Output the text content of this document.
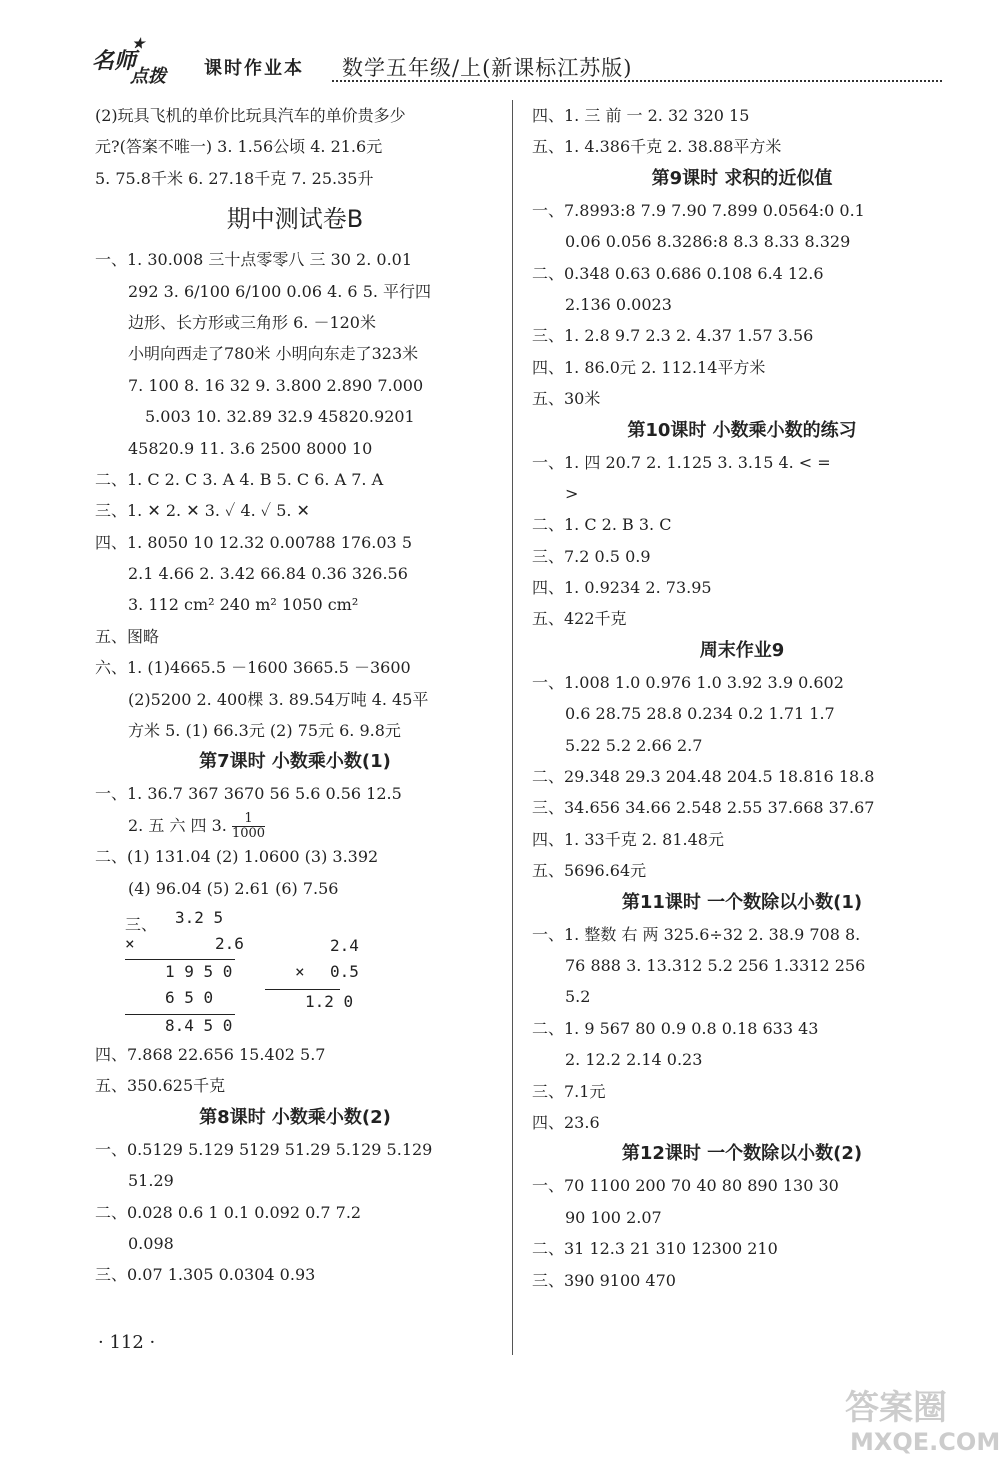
★
名师
点拨 课时作业本 数学五年级/上(新课标江苏版)
(2)玩具飞机的单价比玩具汽车的单价贵多少
元?(答案不唯一) 3. 1.56公顷 4. 21.6元
5. 75.8千米 6. 27.18千克 7. 25.35升
期中测试卷B
一、1. 30.008 三十点零零八 三 30 2. 0.01
292 3. 6/100 6/100 0.06 4. 6 5. 平行四
边形、长方形或三角形 6. －120米
小明向西走了780米 小明向东走了323米
7. 100 8. 16 32 9. 3.800 2.890 7.000
5.003 10. 32.89 32.9 45820.9201
45820.9 11. 3.6 2500 8000 10
二、1. C 2. C 3. A 4. B 5. C 6. A 7. A
三、1. ✕ 2. ✕ 3. ✓ 4. ✓ 5. ✕
四、1. 8050 10 12.32 0.00788 176.03 5
2.1 4.66 2. 3.42 66.84 0.36 326.56
3. 112 cm² 240 m² 1050 cm²
五、图略
六、1. (1)4665.5 －1600 3665.5 －3600
(2)5200 2. 400棵 3. 89.54万吨 4. 45平
方米 5. (1) 66.3元 (2) 75元 6. 9.8元
第7课时 小数乘小数(1)
一、1. 36.7 367 3670 56 5.6 0.56 12.5
2. 五 六 四 3. $\frac{1}{1000}$
二、(1) 131.04 (2) 1.0600 (3) 3.392
(4) 96.04 (5) 2.61 (6) 7.56
三、 3.2 5
×	2.6
1 9 5 0
6 5 0
8.4 5 0
2.4
× 0.5
1.2 0
四、7.868 22.656 15.402 5.7
五、350.625千克
第8课时 小数乘小数(2)
一、0.5129 5.129 5129 51.29 5.129 5.129
51.29
二、0.028 0.6 1 0.1 0.092 0.7 7.2
0.098
三、0.07 1.305 0.0304 0.93
四、1. 三 前 一 2. 32 320 15
五、1. 4.386千克 2. 38.88平方米
第9课时 求积的近似值
一、7.8993:8 7.9 7.90 7.899 0.0564:0 0.1
0.06 0.056 8.3286:8 8.3 8.33 8.329
二、0.348 0.63 0.686 0.108 6.4 12.6
2.136 0.0023
三、1. 2.8 9.7 2.3 2. 4.37 1.57 3.56
四、1. 86.0元 2. 112.14平方米
五、30米
第10课时 小数乘小数的练习
一、1. 四 20.7 2. 1.125 3. 3.15 4. < =
>
二、1. C 2. B 3. C
三、7.2 0.5 0.9
四、1. 0.9234 2. 73.95
五、422千克
周末作业9
一、1.008 1.0 0.976 1.0 3.92 3.9 0.602
0.6 28.75 28.8 0.234 0.2 1.71 1.7
5.22 5.2 2.66 2.7
二、29.348 29.3 204.48 204.5 18.816 18.8
三、34.656 34.66 2.548 2.55 37.668 37.67
四、1. 33千克 2. 81.48元
五、5696.64元
第11课时 一个数除以小数(1)
一、1. 整数 右 两 325.6÷32 2. 38.9 708 8.
76 888 3. 13.312 5.2 256 1.3312 256
5.2
二、1. 9 567 80 0.9 0.8 0.18 633 43
2. 12.2 2.14 0.23
三、7.1元
四、23.6
第12课时 一个数除以小数(2)
一、70 1100 200 70 40 80 890 130 30
90 100 2.07
二、31 12.3 21 310 12300 210
三、390 9100 470
· 112 ·
答案圈
MXQE.COM
